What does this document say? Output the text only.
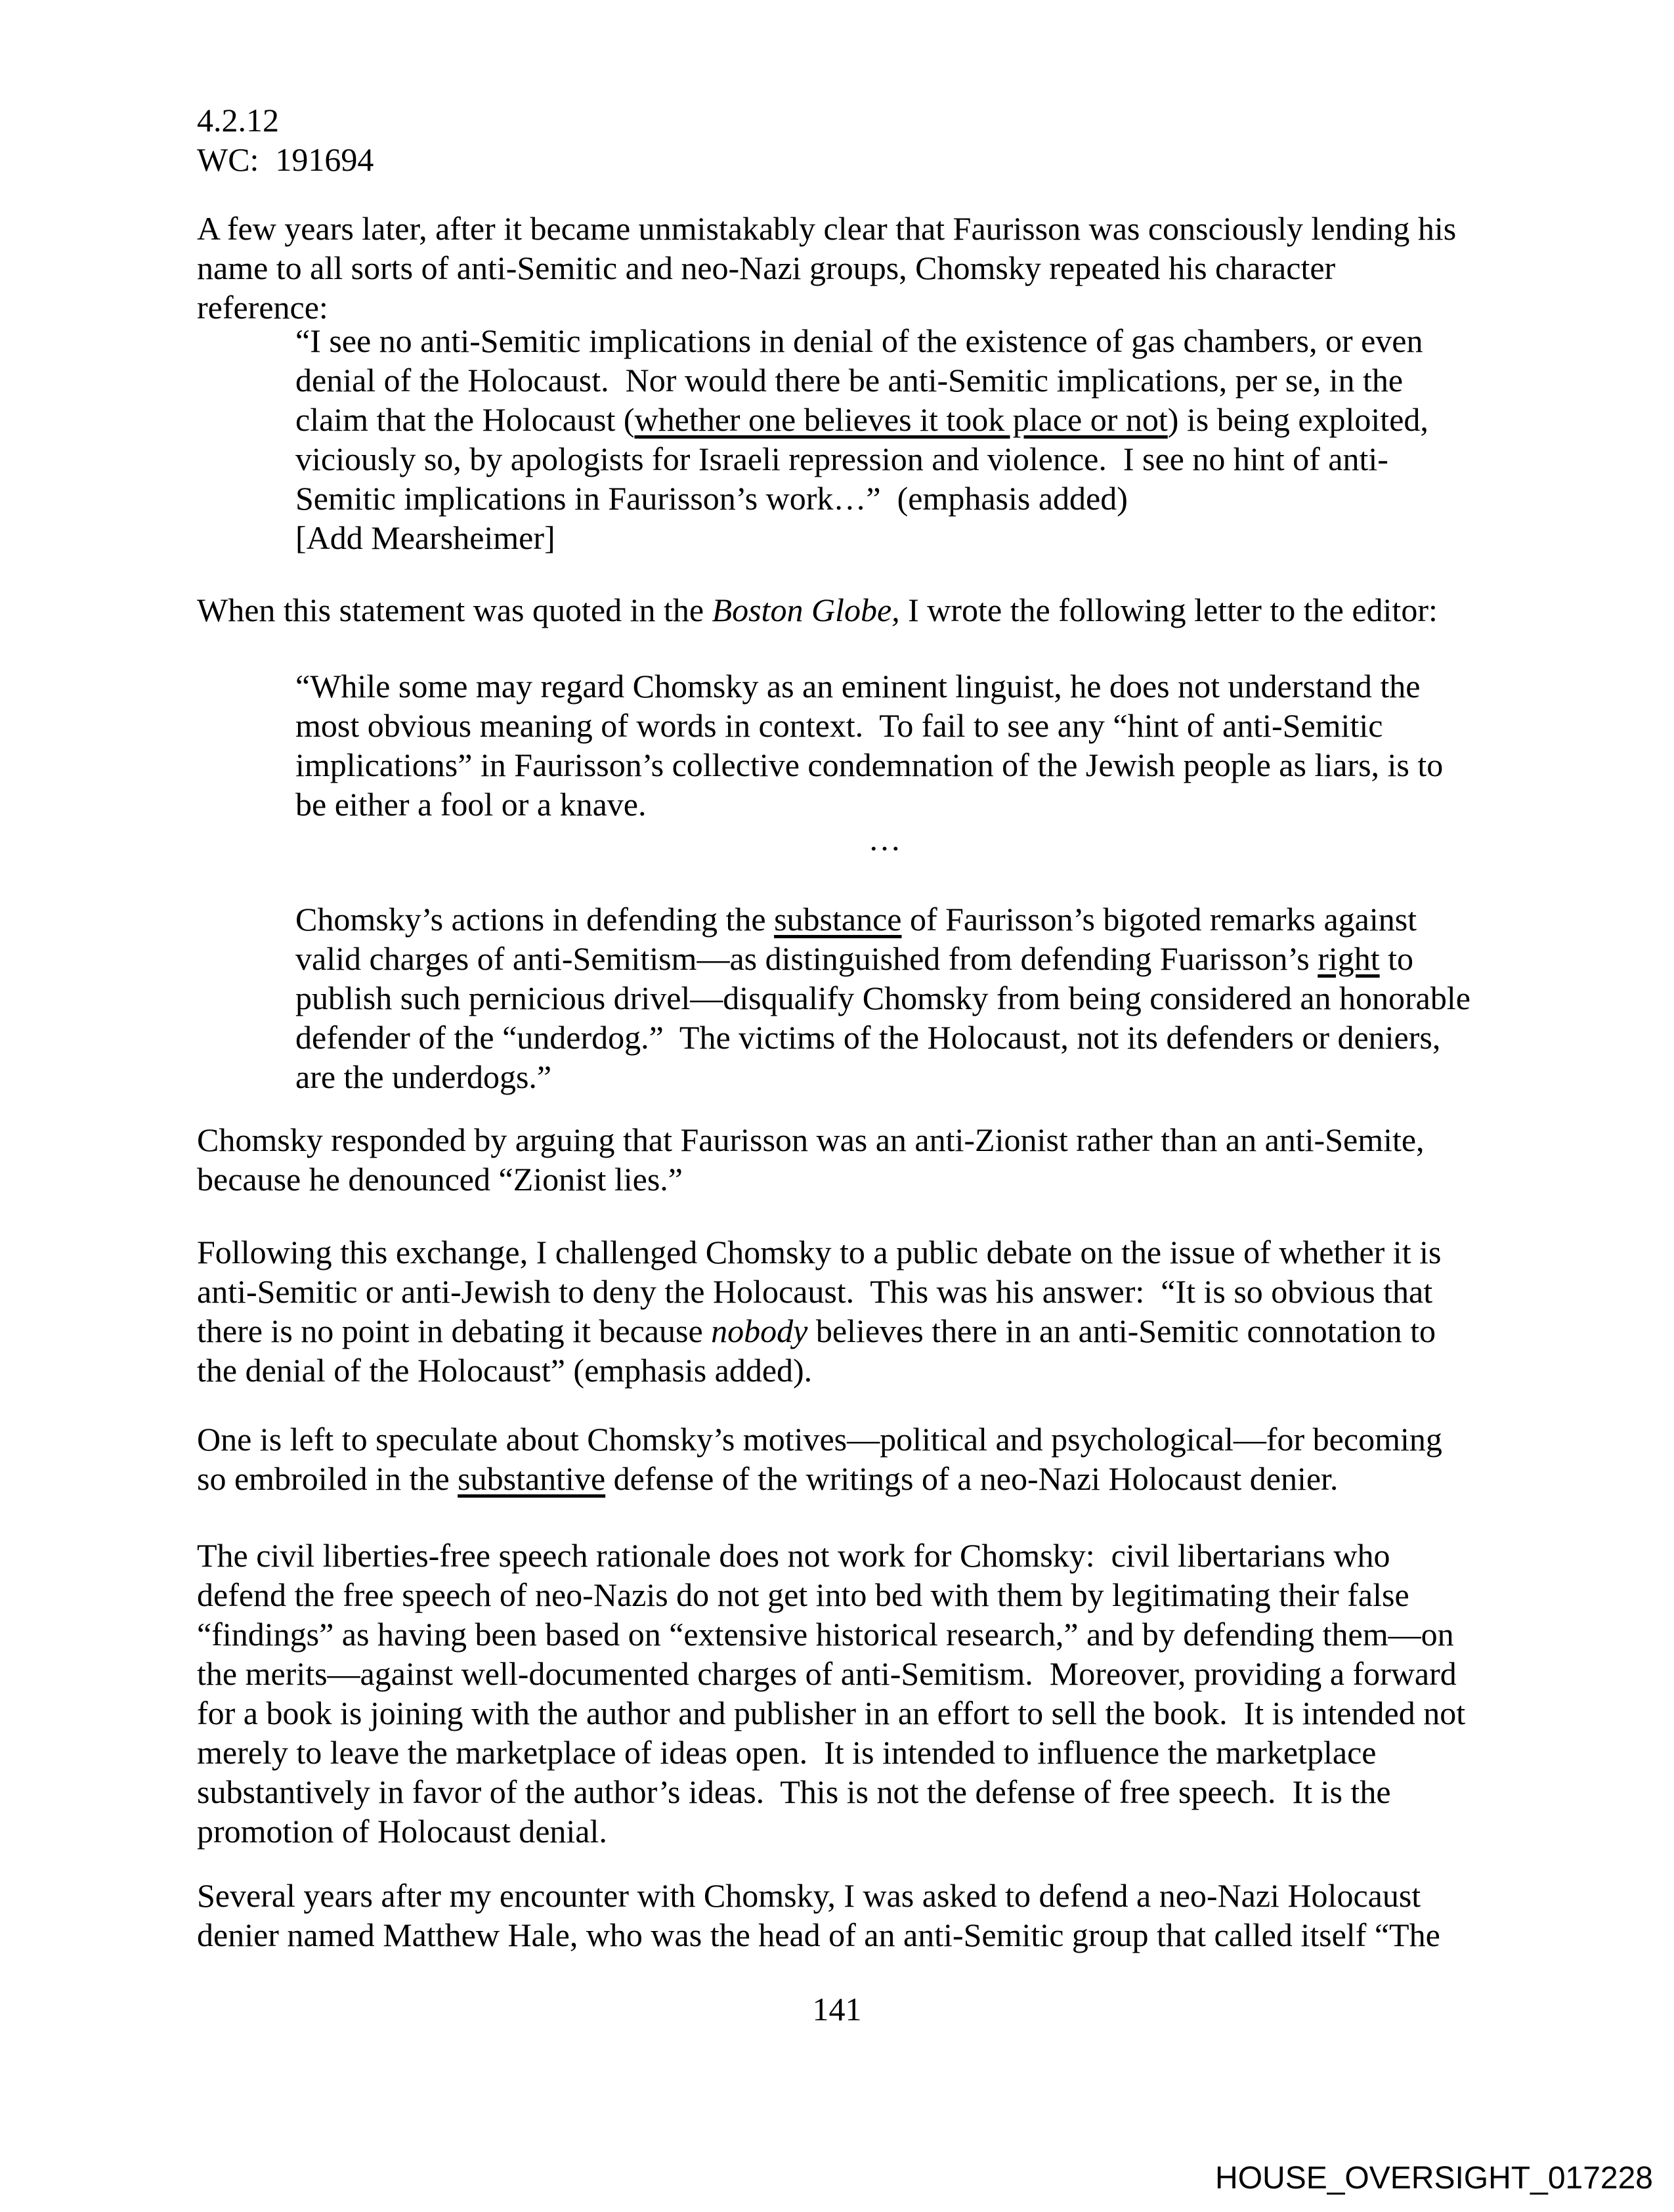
4.2.12
WC:  191694

A few years later, after it became unmistakably clear that Faurisson was consciously lending his name to all sorts of anti-Semitic and neo-Nazi groups, Chomsky repeated his character reference:

“I see no anti-Semitic implications in denial of the existence of gas chambers, or even denial of the Holocaust.  Nor would there be anti-Semitic implications, per se, in the claim that the Holocaust (whether one believes it took place or not) is being exploited, viciously so, by apologists for Israeli repression and violence.  I see no hint of anti-Semitic implications in Faurisson’s work…”  (emphasis added)
[Add Mearsheimer]

When this statement was quoted in the Boston Globe, I wrote the following letter to the editor:

“While some may regard Chomsky as an eminent linguist, he does not understand the most obvious meaning of words in context.  To fail to see any “hint of anti-Semitic implications” in Faurisson’s collective condemnation of the Jewish people as liars, is to be either a fool or a knave.
…
Chomsky’s actions in defending the substance of Faurisson’s bigoted remarks against valid charges of anti-Semitism—as distinguished from defending Fuarisson’s right to publish such pernicious drivel—disqualify Chomsky from being considered an honorable defender of the “underdog.”  The victims of the Holocaust, not its defenders or deniers, are the underdogs.”

Chomsky responded by arguing that Faurisson was an anti-Zionist rather than an anti-Semite, because he denounced “Zionist lies.”

Following this exchange, I challenged Chomsky to a public debate on the issue of whether it is anti-Semitic or anti-Jewish to deny the Holocaust.  This was his answer:  “It is so obvious that there is no point in debating it because nobody believes there in an anti-Semitic connotation to the denial of the Holocaust” (emphasis added).

One is left to speculate about Chomsky’s motives—political and psychological—for becoming so embroiled in the substantive defense of the writings of a neo-Nazi Holocaust denier.

The civil liberties-free speech rationale does not work for Chomsky:  civil libertarians who defend the free speech of neo-Nazis do not get into bed with them by legitimating their false “findings” as having been based on “extensive historical research,” and by defending them—on the merits—against well-documented charges of anti-Semitism.  Moreover, providing a forward for a book is joining with the author and publisher in an effort to sell the book.  It is intended not merely to leave the marketplace of ideas open.  It is intended to influence the marketplace substantively in favor of the author’s ideas.  This is not the defense of free speech.  It is the promotion of Holocaust denial.

Several years after my encounter with Chomsky, I was asked to defend a neo-Nazi Holocaust denier named Matthew Hale, who was the head of an anti-Semitic group that called itself “The

141
HOUSE_OVERSIGHT_017228
